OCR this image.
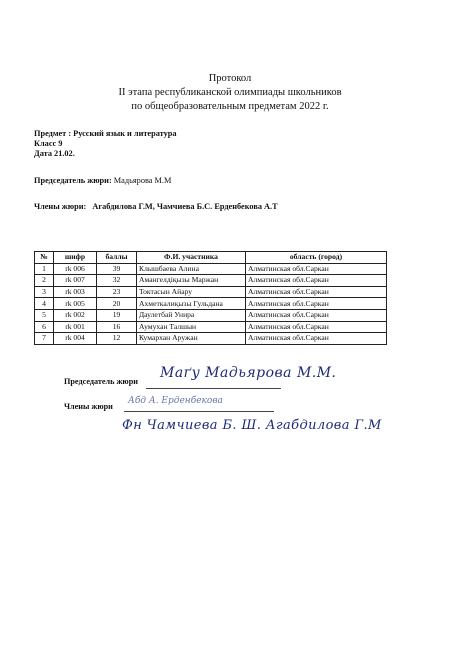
Протокол
II этапа республиканской олимпиады школьников
по общеобразовательным предметам 2022 г.
Предмет : Русский язык и литература
Класс 9
Дата 21.02.
Председатель жюри: Мадьярова М.М
Члены жюри: Агабдилова Г.М, Чамчиева Б.С. Ерденбекова А.Т
№	шифр	баллы	Ф.И. участника	область (город)
1	rk 006	39	Клышбаева Алина	Алматинская обл.Саркан
2	rk 007	32	Амангелдіқызы Маржан	Алматинская обл.Саркан
3	rk 003	23	Токтасын Айару	Алматинская обл.Саркан
4	rk 005	20	Ахметкалиқызы Гульдана	Алматинская обл.Саркан
5	rk 002	19	Даулетбай Унира	Алматинская обл.Саркан
6	rk 001	16	Аумухан Талшын	Алматинская обл.Саркан
7	rk 004	12	Кумархан Аружан	Алматинская обл.Саркан
Председатель жюри
Маґу Мадьярова М.М.
Члены жюри
Абд А. Ерденбекова
Фн Чамчиева Б. Ш. Агабдилова Г.М
